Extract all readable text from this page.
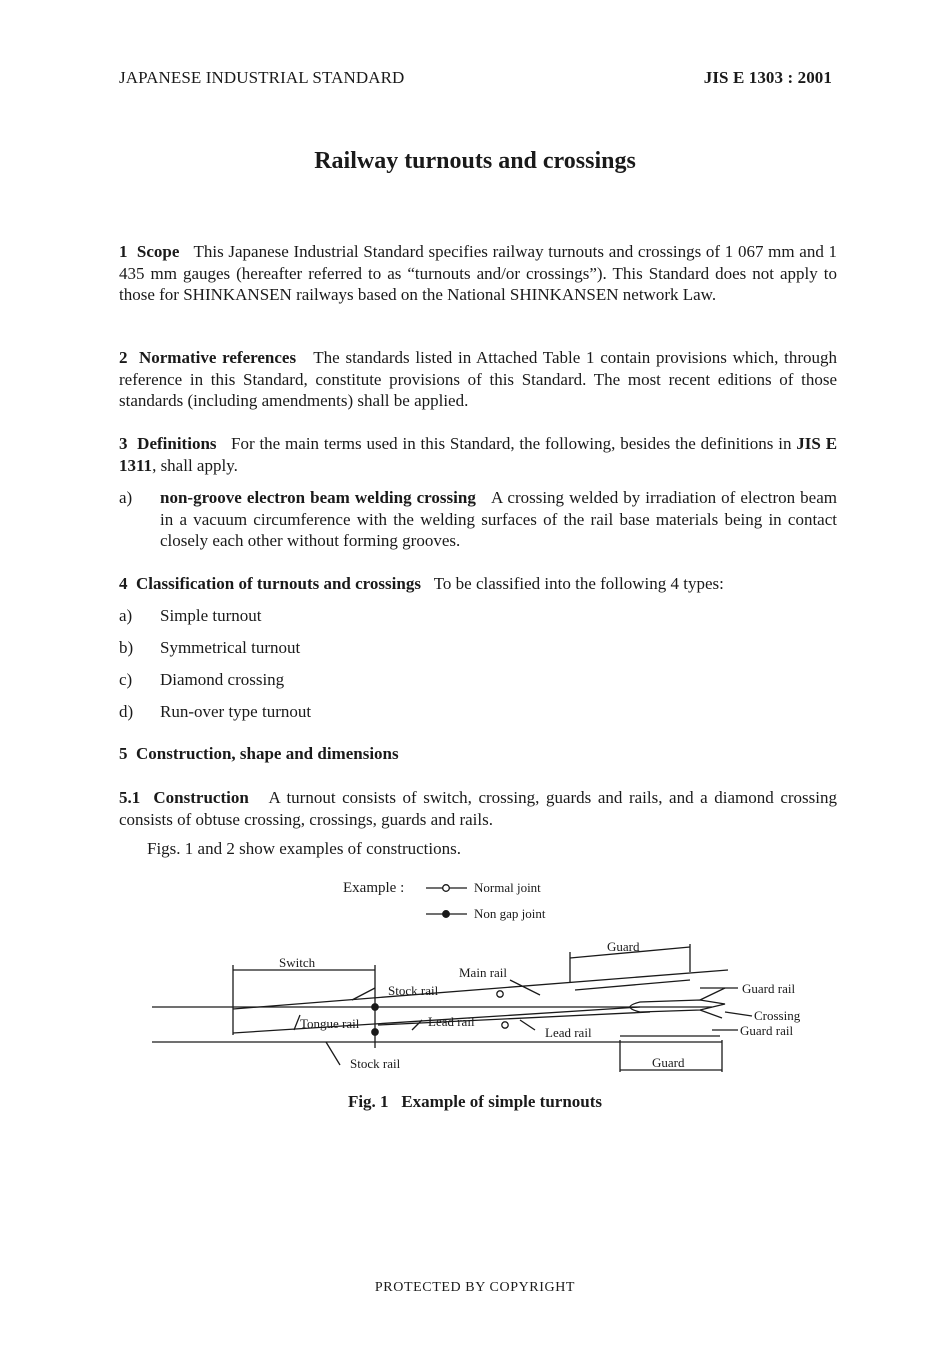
JAPANESE INDUSTRIAL STANDARD	JIS E 1303 : 2001
Railway turnouts and crossings
1 Scope This Japanese Industrial Standard specifies railway turnouts and crossings of 1 067 mm and 1 435 mm gauges (hereafter referred to as “turnouts and/or crossings”). This Standard does not apply to those for SHINKANSEN railways based on the National SHINKANSEN network Law.
2 Normative references The standards listed in Attached Table 1 contain provisions which, through reference in this Standard, constitute provisions of this Standard. The most recent editions of those standards (including amendments) shall be applied.
3 Definitions For the main terms used in this Standard, the following, besides the definitions in JIS E 1311, shall apply.
a) non-groove electron beam welding crossing A crossing welded by irradiation of electron beam in a vacuum circumference with the welding surfaces of the rail base materials being in contact closely each other without forming grooves.
4 Classification of turnouts and crossings To be classified into the following 4 types:
a) Simple turnout
b) Symmetrical turnout
c) Diamond crossing
d) Run-over type turnout
5 Construction, shape and dimensions
5.1 Construction A turnout consists of switch, crossing, guards and rails, and a diamond crossing consists of obtuse crossing, crossings, guards and rails.
Figs. 1 and 2 show examples of constructions.
Example :	Normal joint
Non gap joint
Switch
Main rail
Guard
Stock rail	Guard rail
Tongue rail	Lead rail
Lead rail
Crossing
Guard rail
Stock rail	Guard
Fig. 1 Example of simple turnouts
PROTECTED BY COPYRIGHT
